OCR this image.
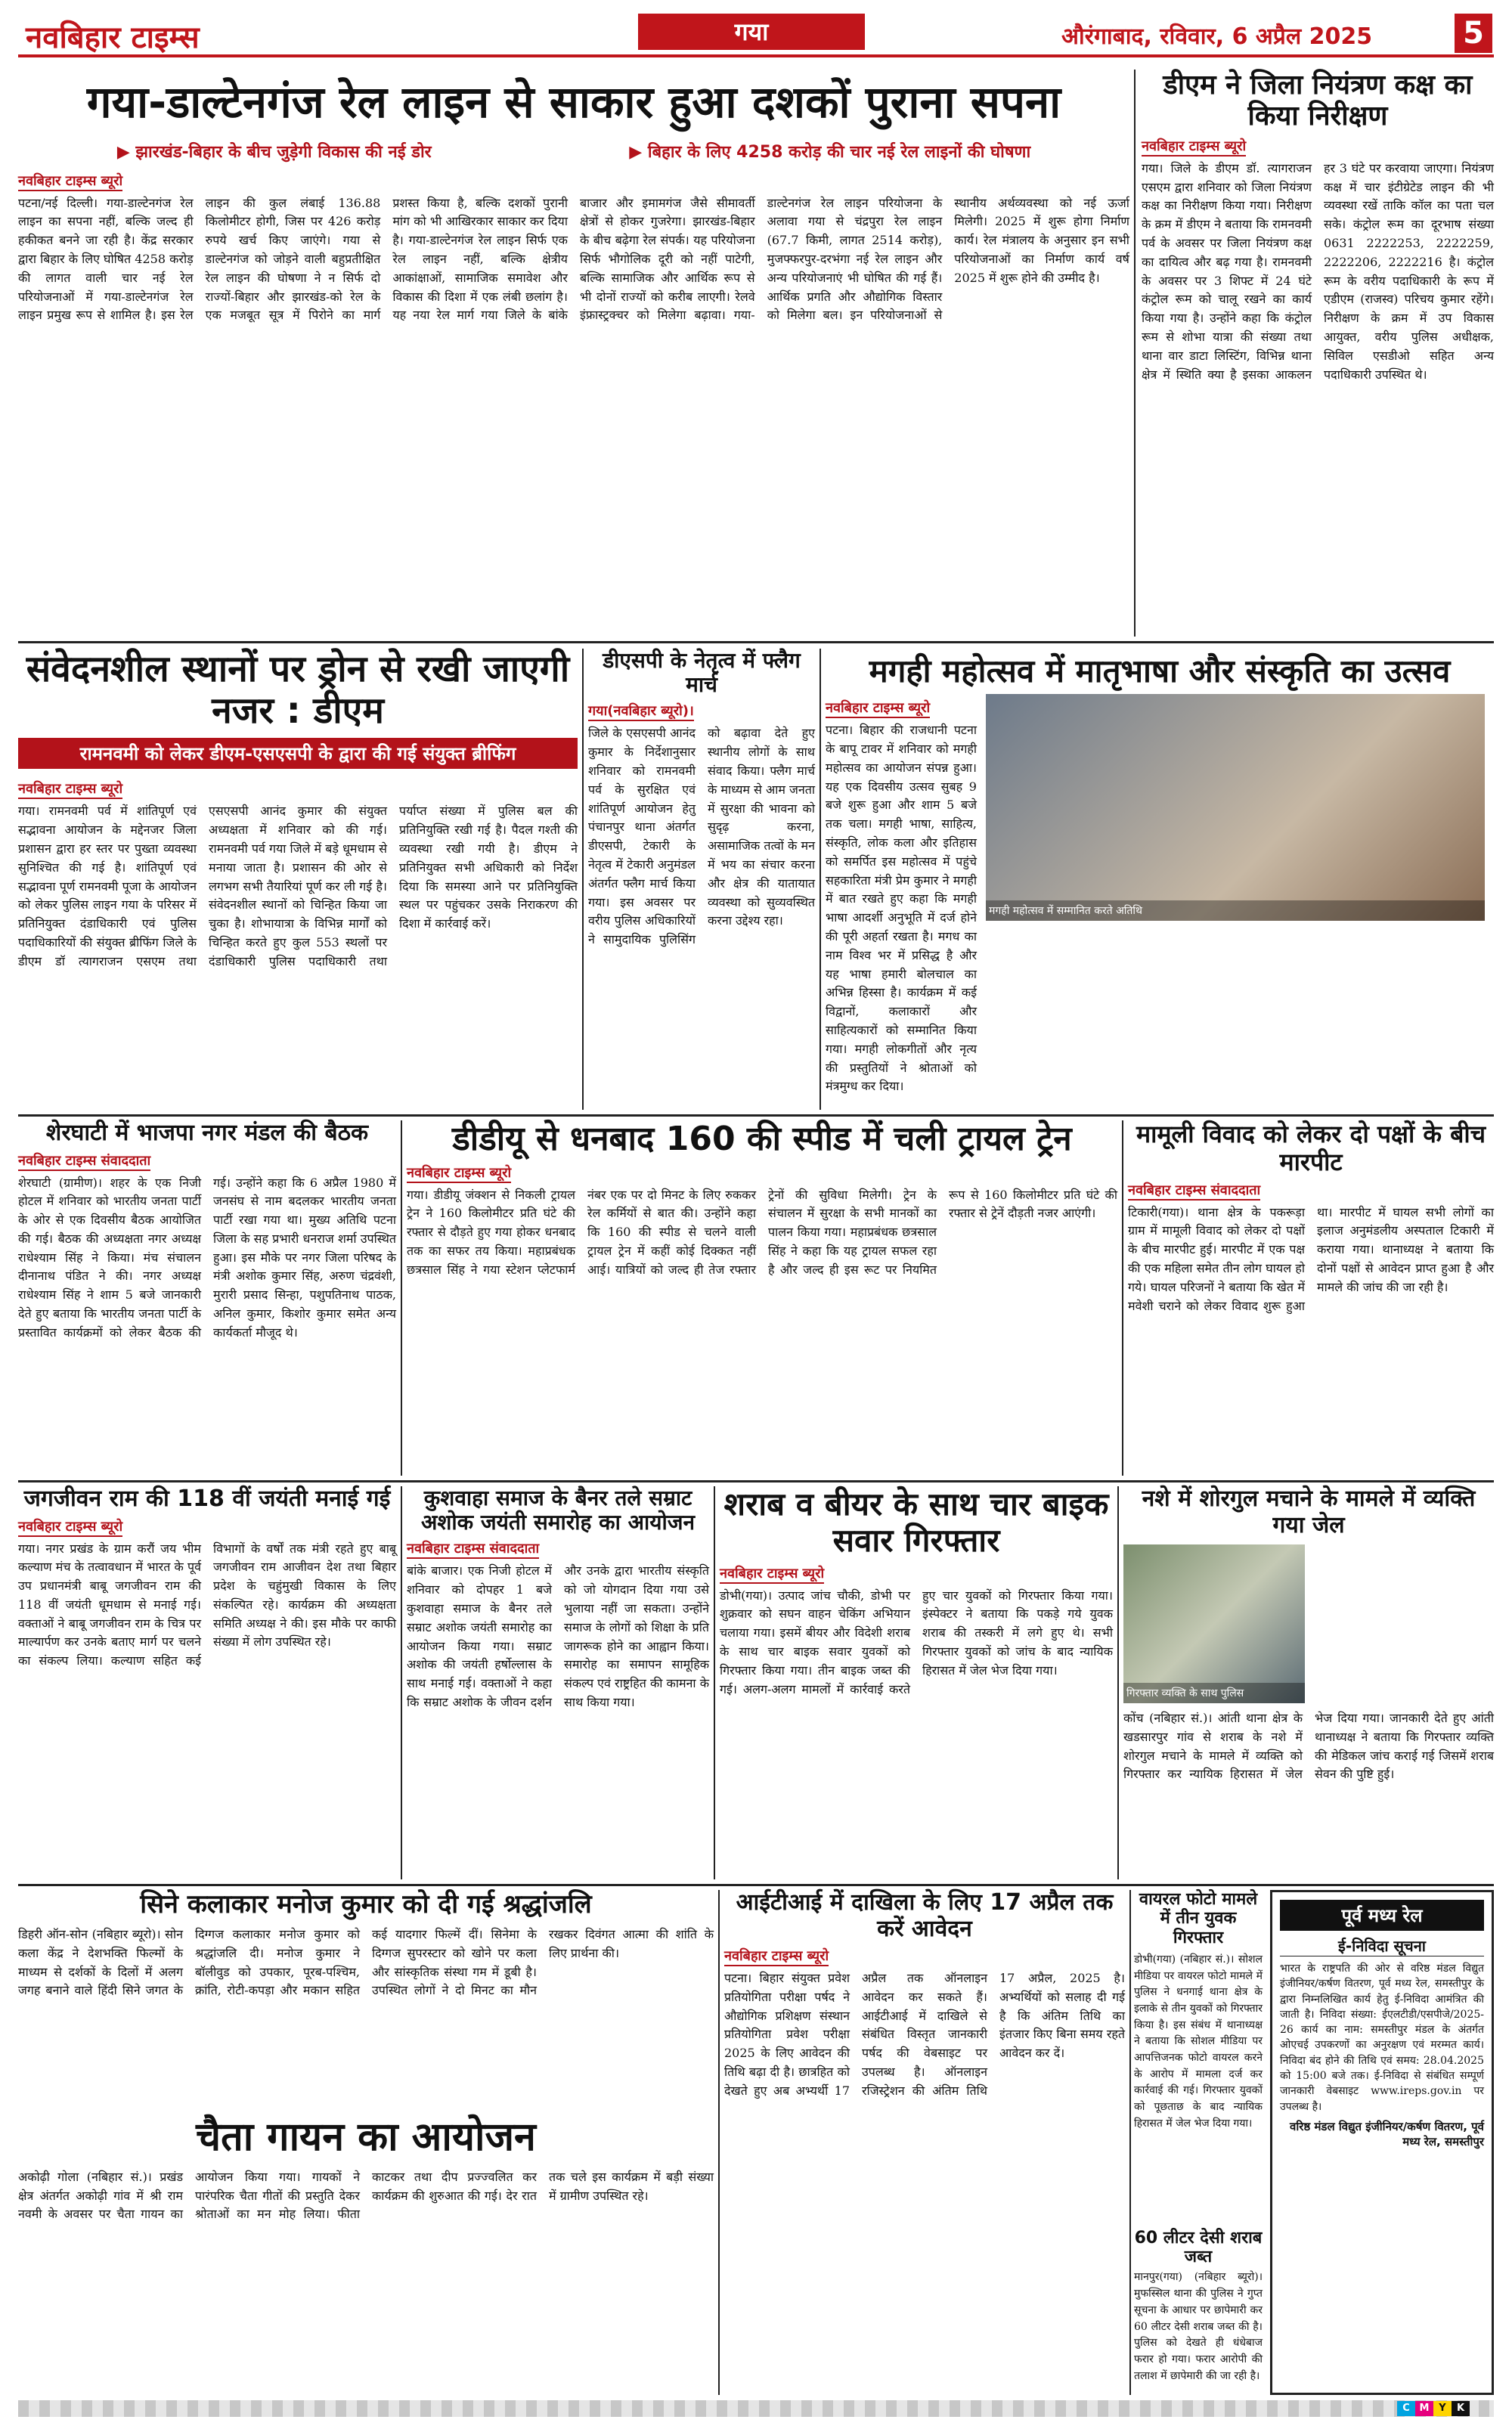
नवबिहार टाइम्स	गया	औरंगाबाद, रविवार, 6 अप्रैल 2025	5
गया-डाल्टेनगंज रेल लाइन से साकार हुआ दशकों पुराना सपना
▶ झारखंड-बिहार के बीच जुड़ेगी विकास की नई डोर	▶ बिहार के लिए 4258 करोड़ की चार नई रेल लाइनों की घोषणा
नवबिहार टाइम्स ब्यूरो
पटना/नई दिल्ली। गया-डाल्टेनगंज रेल लाइन का सपना नहीं, बल्कि जल्द ही हकीकत बनने जा रही है। केंद्र सरकार द्वारा बिहार के लिए घोषित 4258 करोड़ की लागत वाली चार नई रेल परियोजनाओं में गया-डाल्टेनगंज रेल लाइन प्रमुख रूप से शामिल है। इस रेल लाइन की कुल लंबाई 136.88 किलोमीटर होगी, जिस पर 426 करोड़ रुपये खर्च किए जाएंगे। गया से डाल्टेनगंज को जोड़ने वाली बहुप्रतीक्षित रेल लाइन की घोषणा ने न सिर्फ दो राज्यों-बिहार और झारखंड-को रेल के एक मजबूत सूत्र में पिरोने का मार्ग प्रशस्त किया है, बल्कि दशकों पुरानी मांग को भी आखिरकार साकार कर दिया है। गया-डाल्टेनगंज रेल लाइन सिर्फ एक रेल लाइन नहीं, बल्कि क्षेत्रीय आकांक्षाओं, सामाजिक समावेश और विकास की दिशा में एक लंबी छलांग है। यह नया रेल मार्ग गया जिले के बांके बाजार और इमामगंज जैसे सीमावर्ती क्षेत्रों से होकर गुजरेगा। झारखंड-बिहार के बीच बढ़ेगा रेल संपर्क। यह परियोजना सिर्फ भौगोलिक दूरी को नहीं पाटेगी, बल्कि सामाजिक और आर्थिक रूप से भी दोनों राज्यों को करीब लाएगी। रेलवे इंफ्रास्ट्रक्चर को मिलेगा बढ़ावा। गया-डाल्टेनगंज रेल लाइन परियोजना के अलावा गया से चंद्रपुरा रेल लाइन (67.7 किमी, लागत 2514 करोड़), मुजफ्फरपुर-दरभंगा नई रेल लाइन और अन्य परियोजनाएं भी घोषित की गई हैं। आर्थिक प्रगति और औद्योगिक विस्तार को मिलेगा बल। इन परियोजनाओं से स्थानीय अर्थव्यवस्था को नई ऊर्जा मिलेगी। 2025 में शुरू होगा निर्माण कार्य। रेल मंत्रालय के अनुसार इन सभी परियोजनाओं का निर्माण कार्य वर्ष 2025 में शुरू होने की उम्मीद है।
डीएम ने जिला नियंत्रण कक्ष का किया निरीक्षण
नवबिहार टाइम्स ब्यूरो
गया। जिले के डीएम डॉ. त्यागराजन एसएम द्वारा शनिवार को जिला नियंत्रण कक्ष का निरीक्षण किया गया। निरीक्षण के क्रम में डीएम ने बताया कि रामनवमी पर्व के अवसर पर जिला नियंत्रण कक्ष का दायित्व और बढ़ गया है। रामनवमी के अवसर पर 3 शिफ्ट में 24 घंटे कंट्रोल रूम को चालू रखने का कार्य किया गया है। उन्होंने कहा कि कंट्रोल रूम से शोभा यात्रा की संख्या तथा थाना वार डाटा लिस्टिंग, विभिन्न थाना क्षेत्र में स्थिति क्या है इसका आकलन हर 3 घंटे पर करवाया जाएगा। नियंत्रण कक्ष में चार इंटीग्रेटेड लाइन की भी व्यवस्था रखें ताकि कॉल का पता चल सके। कंट्रोल रूम का दूरभाष संख्या 0631 2222253, 2222259, 2222206, 2222216 है। कंट्रोल रूम के वरीय पदाधिकारी के रूप में एडीएम (राजस्व) परिचय कुमार रहेंगे। निरीक्षण के क्रम में उप विकास आयुक्त, वरीय पुलिस अधीक्षक, सिविल एसडीओ सहित अन्य पदाधिकारी उपस्थित थे।
संवेदनशील स्थानों पर ड्रोन से रखी जाएगी नजर : डीएम
रामनवमी को लेकर डीएम-एसएसपी के द्वारा की गई संयुक्त ब्रीफिंग
नवबिहार टाइम्स ब्यूरो
गया। रामनवमी पर्व में शांतिपूर्ण एवं सद्भावना आयोजन के मद्देनजर जिला प्रशासन द्वारा हर स्तर पर पुख्ता व्यवस्था सुनिश्चित की गई है। शांतिपूर्ण एवं सद्भावना पूर्ण रामनवमी पूजा के आयोजन को लेकर पुलिस लाइन गया के परिसर में प्रतिनियुक्त दंडाधिकारी एवं पुलिस पदाधिकारियों की संयुक्त ब्रीफिंग जिले के डीएम डॉ त्यागराजन एसएम तथा एसएसपी आनंद कुमार की संयुक्त अध्यक्षता में शनिवार को की गई। रामनवमी पर्व गया जिले में बड़े धूमधाम से मनाया जाता है। प्रशासन की ओर से लगभग सभी तैयारियां पूर्ण कर ली गई है। संवेदनशील स्थानों को चिन्हित किया जा चुका है। शोभायात्रा के विभिन्न मार्गों को चिन्हित करते हुए कुल 553 स्थलों पर दंडाधिकारी पुलिस पदाधिकारी तथा पर्याप्त संख्या में पुलिस बल की प्रतिनियुक्ति रखी गई है। पैदल गश्ती की व्यवस्था रखी गयी है। डीएम ने प्रतिनियुक्त सभी अधिकारी को निर्देश दिया कि समस्या आने पर प्रतिनियुक्ति स्थल पर पहुंचकर उसके निराकरण की दिशा में कार्रवाई करें।
डीएसपी के नेतृत्व में फ्लैग मार्च
गया(नवबिहार ब्यूरो)।
जिले के एसएसपी आनंद कुमार के निर्देशानुसार शनिवार को रामनवमी पर्व के सुरक्षित एवं शांतिपूर्ण आयोजन हेतु पंचानपुर थाना अंतर्गत डीएसपी, टेकारी के नेतृत्व में टेकारी अनुमंडल अंतर्गत फ्लैग मार्च किया गया। इस अवसर पर वरीय पुलिस अधिकारियों ने सामुदायिक पुलिसिंग को बढ़ावा देते हुए स्थानीय लोगों के साथ संवाद किया। फ्लैग मार्च के माध्यम से आम जनता में सुरक्षा की भावना को सुदृढ़ करना, असामाजिक तत्वों के मन में भय का संचार करना और क्षेत्र की यातायात व्यवस्था को सुव्यवस्थित करना उद्देश्य रहा।
मगही महोत्सव में मातृभाषा और संस्कृति का उत्सव
नवबिहार टाइम्स ब्यूरो
पटना। बिहार की राजधानी पटना के बापू टावर में शनिवार को मगही महोत्सव का आयोजन संपन्न हुआ। यह एक दिवसीय उत्सव सुबह 9 बजे शुरू हुआ और शाम 5 बजे तक चला। मगही भाषा, साहित्य, संस्कृति, लोक कला और इतिहास को समर्पित इस महोत्सव में पहुंचे सहकारिता मंत्री प्रेम कुमार ने मगही में बात रखते हुए कहा कि मगही भाषा आदर्शी अनुभूति में दर्ज होने की पूरी अहर्ता रखता है। मगध का नाम विश्व भर में प्रसिद्ध है और यह भाषा हमारी बोलचाल का अभिन्न हिस्सा है। कार्यक्रम में कई विद्वानों, कलाकारों और साहित्यकारों को सम्मानित किया गया। मगही लोकगीतों और नृत्य की प्रस्तुतियों ने श्रोताओं को मंत्रमुग्ध कर दिया।
मगही महोत्सव में सम्मानित करते अतिथि
शेरघाटी में भाजपा नगर मंडल की बैठक
नवबिहार टाइम्स संवाददाता
शेरघाटी (ग्रामीण)। शहर के एक निजी होटल में शनिवार को भारतीय जनता पार्टी के ओर से एक दिवसीय बैठक आयोजित की गई। बैठक की अध्यक्षता नगर अध्यक्ष राधेश्याम सिंह ने किया। मंच संचालन दीनानाथ पंडित ने की। नगर अध्यक्ष राधेश्याम सिंह ने शाम 5 बजे जानकारी देते हुए बताया कि भारतीय जनता पार्टी के प्रस्तावित कार्यक्रमों को लेकर बैठक की गई। उन्होंने कहा कि 6 अप्रैल 1980 में जनसंघ से नाम बदलकर भारतीय जनता पार्टी रखा गया था। मुख्य अतिथि पटना जिला के सह प्रभारी धनराज शर्मा उपस्थित हुआ। इस मौके पर नगर जिला परिषद के मंत्री अशोक कुमार सिंह, अरुण चंद्रवंशी, मुरारी प्रसाद सिन्हा, पशुपतिनाथ पाठक, अनिल कुमार, किशोर कुमार समेत अन्य कार्यकर्ता मौजूद थे।
डीडीयू से धनबाद 160 की स्पीड में चली ट्रायल ट्रेन
नवबिहार टाइम्स ब्यूरो
गया। डीडीयू जंक्शन से निकली ट्रायल ट्रेन ने 160 किलोमीटर प्रति घंटे की रफ्तार से दौड़ते हुए गया होकर धनबाद तक का सफर तय किया। महाप्रबंधक छत्रसाल सिंह ने गया स्टेशन प्लेटफार्म नंबर एक पर दो मिनट के लिए रुककर रेल कर्मियों से बात की। उन्होंने कहा कि 160 की स्पीड से चलने वाली ट्रायल ट्रेन में कहीं कोई दिक्कत नहीं आई। यात्रियों को जल्द ही तेज रफ्तार ट्रेनों की सुविधा मिलेगी। ट्रेन के संचालन में सुरक्षा के सभी मानकों का पालन किया गया। महाप्रबंधक छत्रसाल सिंह ने कहा कि यह ट्रायल सफल रहा है और जल्द ही इस रूट पर नियमित रूप से 160 किलोमीटर प्रति घंटे की रफ्तार से ट्रेनें दौड़ती नजर आएंगी।
मामूली विवाद को लेकर दो पक्षों के बीच मारपीट
नवबिहार टाइम्स संवाददाता
टिकारी(गया)। थाना क्षेत्र के पकरूड़ा ग्राम में मामूली विवाद को लेकर दो पक्षों के बीच मारपीट हुई। मारपीट में एक पक्ष की एक महिला समेत तीन लोग घायल हो गये। घायल परिजनों ने बताया कि खेत में मवेशी चराने को लेकर विवाद शुरू हुआ था। मारपीट में घायल सभी लोगों का इलाज अनुमंडलीय अस्पताल टिकारी में कराया गया। थानाध्यक्ष ने बताया कि दोनों पक्षों से आवेदन प्राप्त हुआ है और मामले की जांच की जा रही है।
जगजीवन राम की 118 वीं जयंती मनाई गई
नवबिहार टाइम्स ब्यूरो
गया। नगर प्रखंड के ग्राम करौं जय भीम कल्याण मंच के तत्वावधान में भारत के पूर्व उप प्रधानमंत्री बाबू जगजीवन राम की 118 वीं जयंती धूमधाम से मनाई गई। वक्ताओं ने बाबू जगजीवन राम के चित्र पर माल्यार्पण कर उनके बताए मार्ग पर चलने का संकल्प लिया। कल्याण सहित कई विभागों के वर्षों तक मंत्री रहते हुए बाबू जगजीवन राम आजीवन देश तथा बिहार प्रदेश के चहुंमुखी विकास के लिए संकल्पित रहे। कार्यक्रम की अध्यक्षता समिति अध्यक्ष ने की। इस मौके पर काफी संख्या में लोग उपस्थित रहे।
कुशवाहा समाज के बैनर तले सम्राट अशोक जयंती समारोह का आयोजन
नवबिहार टाइम्स संवाददाता
बांके बाजार। एक निजी होटल में शनिवार को दोपहर 1 बजे कुशवाहा समाज के बैनर तले सम्राट अशोक जयंती समारोह का आयोजन किया गया। सम्राट अशोक की जयंती हर्षोल्लास के साथ मनाई गई। वक्ताओं ने कहा कि सम्राट अशोक के जीवन दर्शन और उनके द्वारा भारतीय संस्कृति को जो योगदान दिया गया उसे भुलाया नहीं जा सकता। उन्होंने समाज के लोगों को शिक्षा के प्रति जागरूक होने का आह्वान किया। समारोह का समापन सामूहिक संकल्प एवं राष्ट्रहित की कामना के साथ किया गया।
शराब व बीयर के साथ चार बाइक सवार गिरफ्तार
नवबिहार टाइम्स ब्यूरो
डोभी(गया)। उत्पाद जांच चौकी, डोभी पर शुक्रवार को सघन वाहन चेकिंग अभियान चलाया गया। इसमें बीयर और विदेशी शराब के साथ चार बाइक सवार युवकों को गिरफ्तार किया गया। तीन बाइक जब्त की गई। अलग-अलग मामलों में कार्रवाई करते हुए चार युवकों को गिरफ्तार किया गया। इंस्पेक्टर ने बताया कि पकड़े गये युवक शराब की तस्करी में लगे हुए थे। सभी गिरफ्तार युवकों को जांच के बाद न्यायिक हिरासत में जेल भेज दिया गया।
नशे में शोरगुल मचाने के मामले में व्यक्ति गया जेल
गिरफ्तार व्यक्ति के साथ पुलिस
कोंच (नबिहार सं.)। आंती थाना क्षेत्र के खडसारपुर गांव से शराब के नशे में शोरगुल मचाने के मामले में व्यक्ति को गिरफ्तार कर न्यायिक हिरासत में जेल भेज दिया गया। जानकारी देते हुए आंती थानाध्यक्ष ने बताया कि गिरफ्तार व्यक्ति की मेडिकल जांच कराई गई जिसमें शराब सेवन की पुष्टि हुई।
सिने कलाकार मनोज कुमार को दी गई श्रद्धांजलि
डिहरी ऑन-सोन (नबिहार ब्यूरो)। सोन कला केंद्र ने देशभक्ति फिल्मों के माध्यम से दर्शकों के दिलों में अलग जगह बनाने वाले हिंदी सिने जगत के दिग्गज कलाकार मनोज कुमार को श्रद्धांजलि दी। मनोज कुमार ने बॉलीवुड को उपकार, पूरब-पश्चिम, क्रांति, रोटी-कपड़ा और मकान सहित कई यादगार फिल्में दीं। सिनेमा के दिग्गज सुपरस्टार को खोने पर कला और सांस्कृतिक संस्था गम में डूबी है। उपस्थित लोगों ने दो मिनट का मौन रखकर दिवंगत आत्मा की शांति के लिए प्रार्थना की।
चैता गायन का आयोजन
अकोढ़ी गोला (नबिहार सं.)। प्रखंड क्षेत्र अंतर्गत अकोढ़ी गांव में श्री राम नवमी के अवसर पर चैता गायन का आयोजन किया गया। गायकों ने पारंपरिक चैता गीतों की प्रस्तुति देकर श्रोताओं का मन मोह लिया। फीता काटकर तथा दीप प्रज्ज्वलित कर कार्यक्रम की शुरुआत की गई। देर रात तक चले इस कार्यक्रम में बड़ी संख्या में ग्रामीण उपस्थित रहे।
आईटीआई में दाखिला के लिए 17 अप्रैल तक करें आवेदन
नवबिहार टाइम्स ब्यूरो
पटना। बिहार संयुक्त प्रवेश प्रतियोगिता परीक्षा पर्षद ने औद्योगिक प्रशिक्षण संस्थान प्रतियोगिता प्रवेश परीक्षा 2025 के लिए आवेदन की तिथि बढ़ा दी है। छात्रहित को देखते हुए अब अभ्यर्थी 17 अप्रैल तक ऑनलाइन आवेदन कर सकते हैं। आईटीआई में दाखिले से संबंधित विस्तृत जानकारी पर्षद की वेबसाइट पर उपलब्ध है। ऑनलाइन रजिस्ट्रेशन की अंतिम तिथि 17 अप्रैल, 2025 है। अभ्यर्थियों को सलाह दी गई है कि अंतिम तिथि का इंतजार किए बिना समय रहते आवेदन कर दें।
वायरल फोटो मामले में तीन युवक गिरफ्तार
डोभी(गया) (नबिहार सं.)। सोशल मीडिया पर वायरल फोटो मामले में पुलिस ने धनगाई थाना क्षेत्र के इलाके से तीन युवकों को गिरफ्तार किया है। इस संबंध में थानाध्यक्ष ने बताया कि सोशल मीडिया पर आपत्तिजनक फोटो वायरल करने के आरोप में मामला दर्ज कर कार्रवाई की गई। गिरफ्तार युवकों को पूछताछ के बाद न्यायिक हिरासत में जेल भेज दिया गया।
60 लीटर देसी शराब जब्त
मानपुर(गया) (नबिहार ब्यूरो)। मुफस्सिल थाना की पुलिस ने गुप्त सूचना के आधार पर छापेमारी कर 60 लीटर देसी शराब जब्त की है। पुलिस को देखते ही धंधेबाज फरार हो गया। फरार आरोपी की तलाश में छापेमारी की जा रही है।
पूर्व मध्य रेल
ई-निविदा सूचना
भारत के राष्ट्रपति की ओर से वरिष्ठ मंडल विद्युत इंजीनियर/कर्षण वितरण, पूर्व मध्य रेल, समस्तीपुर के द्वारा निम्नलिखित कार्य हेतु ई-निविदा आमंत्रित की जाती है। निविदा संख्या: ईएलटीडी/एसपीजे/2025-26 कार्य का नाम: समस्तीपुर मंडल के अंतर्गत ओएचई उपकरणों का अनुरक्षण एवं मरम्मत कार्य। निविदा बंद होने की तिथि एवं समय: 28.04.2025 को 15:00 बजे तक। ई-निविदा से संबंधित सम्पूर्ण जानकारी वेबसाइट www.ireps.gov.in पर उपलब्ध है।
वरिष्ठ मंडल विद्युत इंजीनियर/कर्षण वितरण, पूर्व मध्य रेल, समस्तीपुर
C M Y	K
